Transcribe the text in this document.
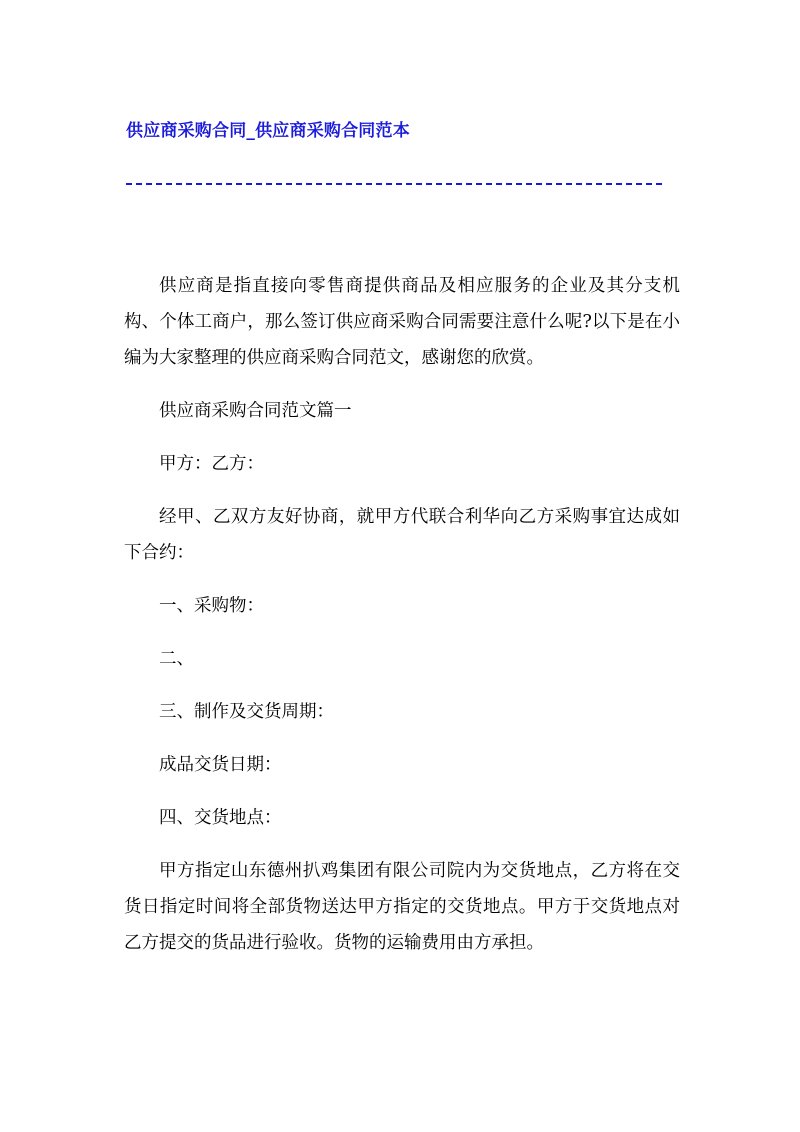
供应商采购合同_供应商采购合同范本

供应商是指直接向零售商提供商品及相应服务的企业及其分支机构、个体工商户，那么签订供应商采购合同需要注意什么呢?以下是在小编为大家整理的供应商采购合同范文，感谢您的欣赏。

供应商采购合同范文篇一

甲方：乙方：

经甲、乙双方友好协商，就甲方代联合利华向乙方采购事宜达成如下合约：

一、采购物：

二、

三、制作及交货周期：

成品交货日期：

四、交货地点：

甲方指定山东德州扒鸡集团有限公司院内为交货地点，乙方将在交货日指定时间将全部货物送达甲方指定的交货地点。甲方于交货地点对乙方提交的货品进行验收。货物的运输费用由方承担。
